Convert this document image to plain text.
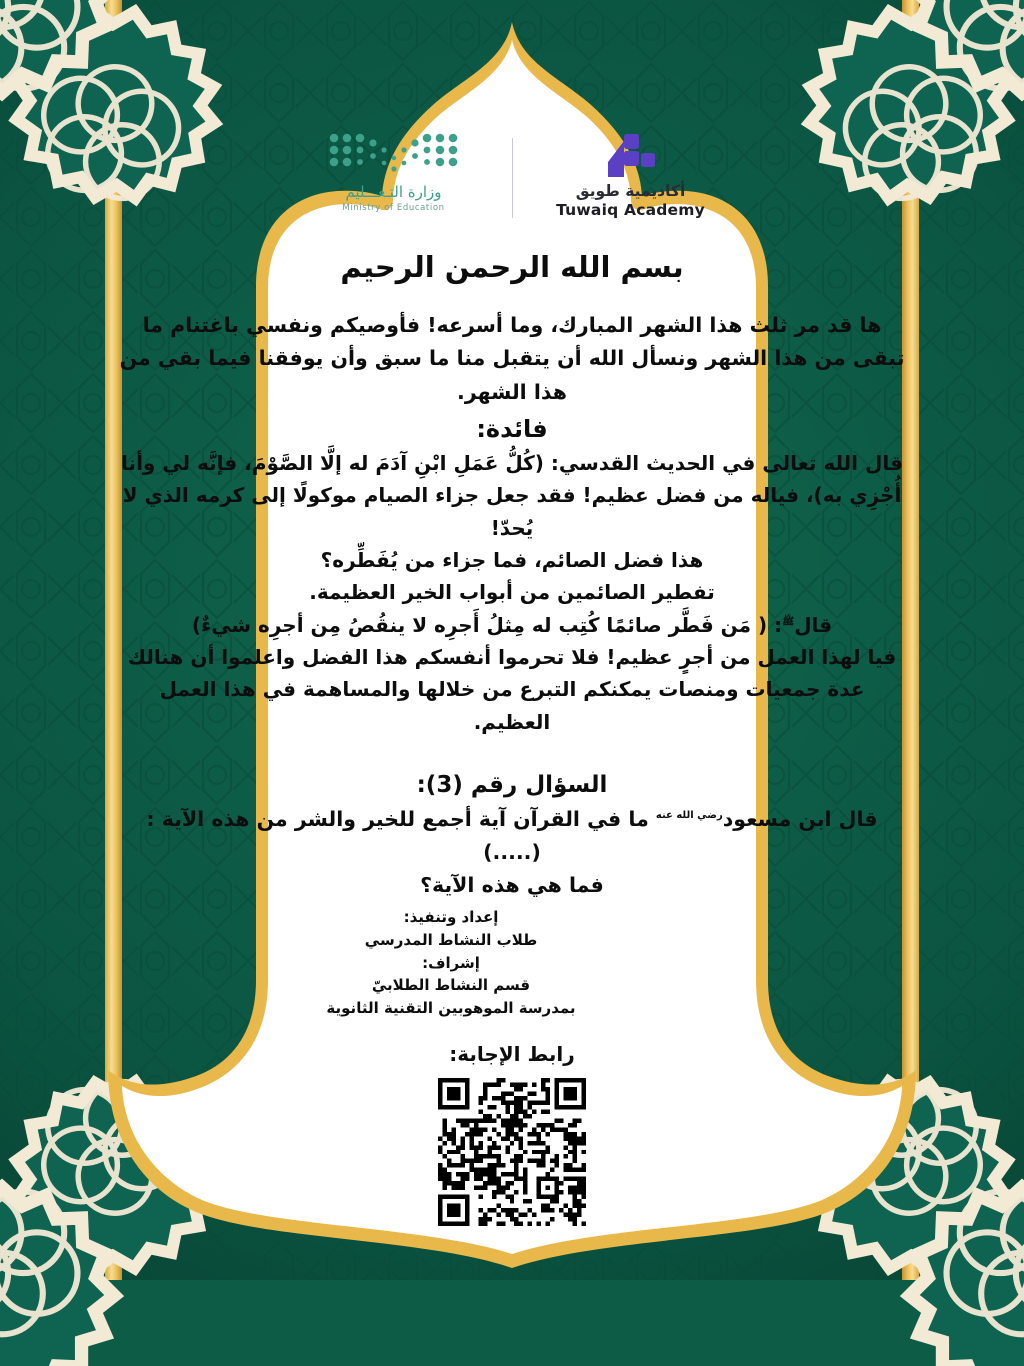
أكاديمية طويق
Tuwaiq Academy
وزارة التـعـــليم
Ministry of Education
بسم الله الرحمن الرحيم
ها قد مر ثلث هذا الشهر المبارك، وما أسرعه! فأوصيكم ونفسي باغتنام ما تبقى من هذا الشهر ونسأل الله أن يتقبل منا ما سبق وأن يوفقنا فيما بقي من هذا الشهر.
فائدة:
قال الله تعالى في الحديث القدسي: (كُلُّ عَمَلِ ابْنِ آدَمَ له إلَّا الصَّوْمَ، فإنَّه لي وأنا أُجْزِي به)، فياله من فضل عظيم! فقد جعل جزاء الصيام موكولًا إلى كرمه الذي لا يُحدّ!
هذا فضل الصائم، فما جزاء من يُفَطِّره؟
تفطير الصائمين من أبواب الخير العظيمة.
قال$^ﷺ$: ( مَن فَطَّر صائمًا كُتِب له مِثلُ أَجرِه لا ينقُصُ مِن أجرِه شيءٌ)
فيا لهذا العمل من أجرٍ عظيم! فلا تحرموا أنفسكم هذا الفضل واعلموا أن هنالك عدة جمعيات ومنصات يمكنكم التبرع من خلالها والمساهمة في هذا العمل العظيم.
السؤال رقم (3):
قال ابن مسعود$^{رضي الله عنه}$ ما في القرآن آية أجمع للخير والشر من هذه الآية : (.....)
فما هي هذه الآية؟
إعداد وتنفيذ:
طلاب النشاط المدرسي
إشراف:
قسم النشاط الطلابيّ
بمدرسة الموهوبين التقنية الثانوية
رابط الإجابة:
